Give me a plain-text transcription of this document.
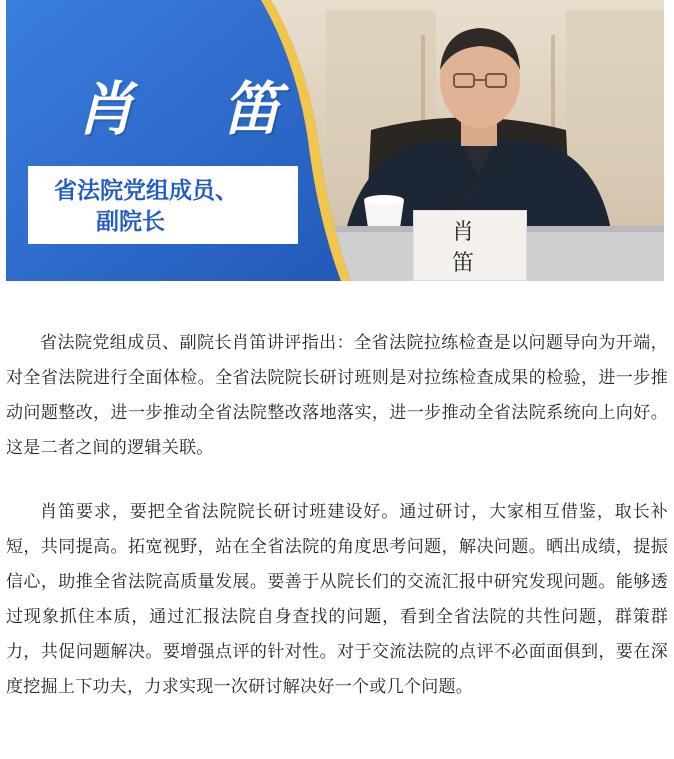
肖 笛
省法院党组成员、
副院长	肖 笛

省法院党组成员、副院长肖笛讲评指出：全省法院拉练检查是以问题导向为开端，对全省法院进行全面体检。全省法院院长研讨班则是对拉练检查成果的检验，进一步推动问题整改，进一步推动全省法院整改落地落实，进一步推动全省法院系统向上向好。这是二者之间的逻辑关联。

肖笛要求，要把全省法院院长研讨班建设好。通过研讨，大家相互借鉴，取长补短，共同提高。拓宽视野，站在全省法院的角度思考问题，解决问题。晒出成绩，提振信心，助推全省法院高质量发展。要善于从院长们的交流汇报中研究发现问题。能够透过现象抓住本质，通过汇报法院自身查找的问题，看到全省法院的共性问题，群策群力，共促问题解决。要增强点评的针对性。对于交流法院的点评不必面面俱到，要在深度挖掘上下功夫，力求实现一次研讨解决好一个或几个问题。
